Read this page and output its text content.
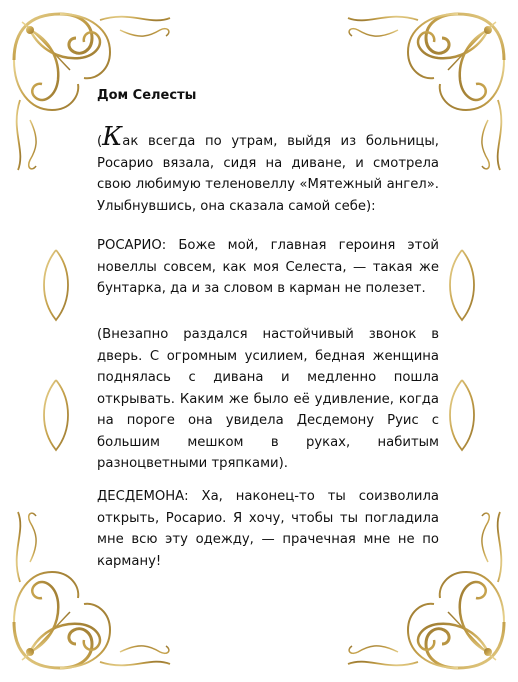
Дом Селесты

(Как всегда по утрам, выйдя из больницы, Росарио вязала, сидя на диване, и смотрела свою любимую теленовеллу «Мятежный ангел». Улыбнувшись, она сказала самой себе):

РОСАРИО: Боже мой, главная героиня этой новеллы совсем, как моя Селеста, — такая же бунтарка, да и за словом в карман не полезет.

(Внезапно раздался настойчивый звонок в дверь. С огромным усилием, бедная женщина поднялась с дивана и медленно пошла открывать. Каким же было её удивление, когда на пороге она увидела Десдемону Руис с большим мешком в руках, набитым разноцветными тряпками).

ДЕСДЕМОНА: Ха, наконец-то ты соизволила открыть, Росарио. Я хочу, чтобы ты погладила мне всю эту одежду, — прачечная мне не по карману!
